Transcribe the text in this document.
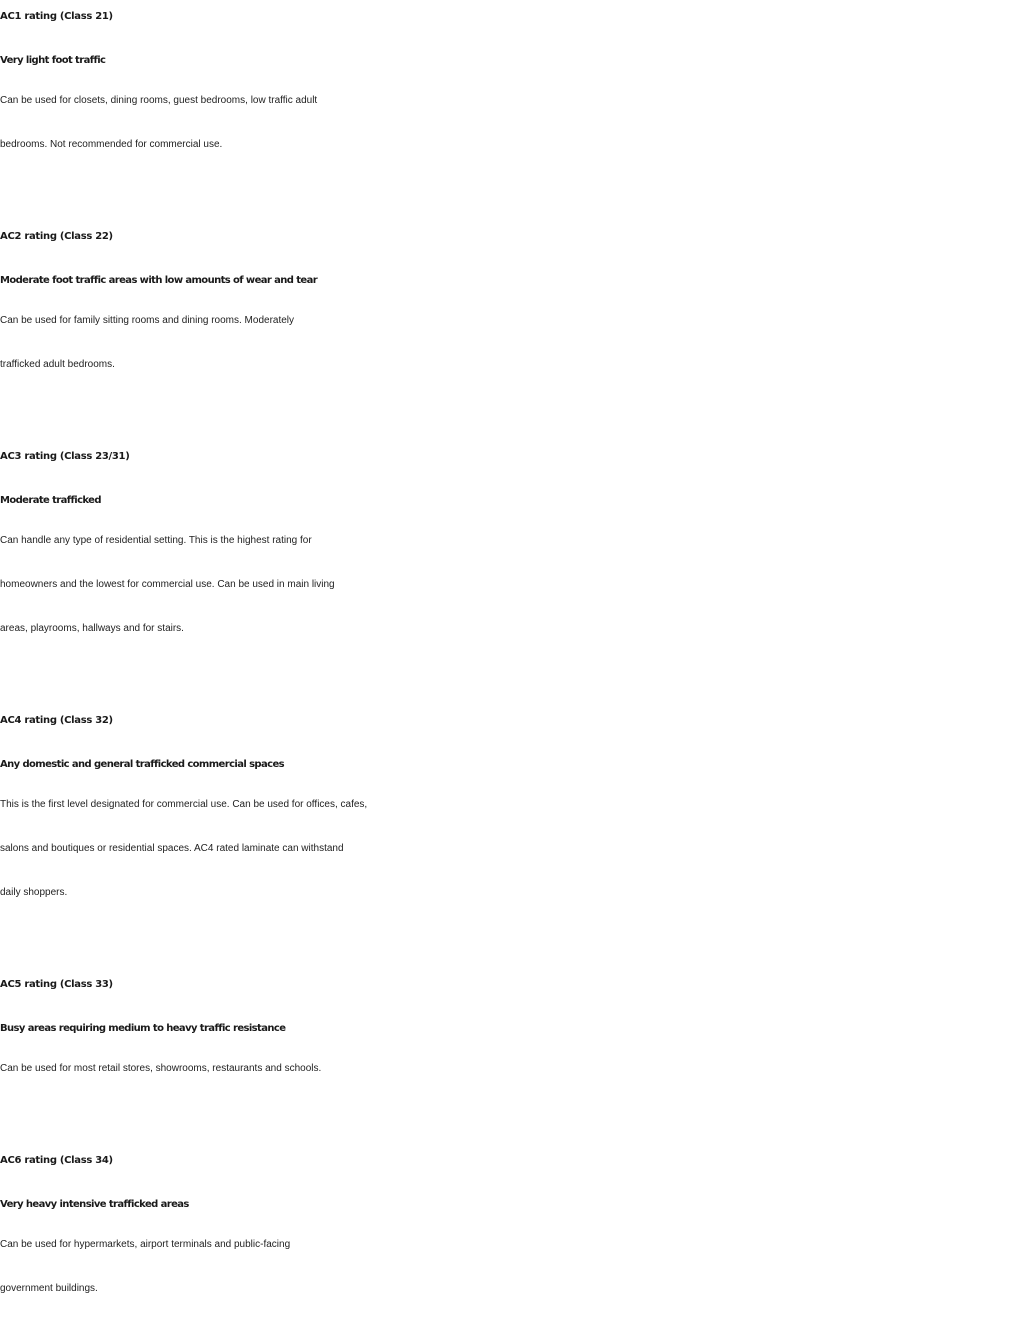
AC1 rating (Class 21)
Very light foot traffic

Can be used for closets, dining rooms, guest bedrooms, low traffic adult
bedrooms. Not recommended for commercial use.

AC2 rating (Class 22)
Moderate foot traffic areas with low amounts of wear and tear

Can be used for family sitting rooms and dining rooms. Moderately
trafficked adult bedrooms.

AC3 rating (Class 23/31)
Moderate trafficked

Can handle any type of residential setting. This is the highest rating for
homeowners and the lowest for commercial use. Can be used in main living
areas, playrooms, hallways and for stairs.

AC4 rating (Class 32)
Any domestic and general trafficked commercial spaces

This is the first level designated for commercial use. Can be used for offices, cafes,
salons and boutiques or residential spaces. AC4 rated laminate can withstand
daily shoppers.

AC5 rating (Class 33)
Busy areas requiring medium to heavy traffic resistance

Can be used for most retail stores, showrooms, restaurants and schools.

AC6 rating (Class 34)
Very heavy intensive trafficked areas

Can be used for hypermarkets, airport terminals and public-facing
government buildings.
